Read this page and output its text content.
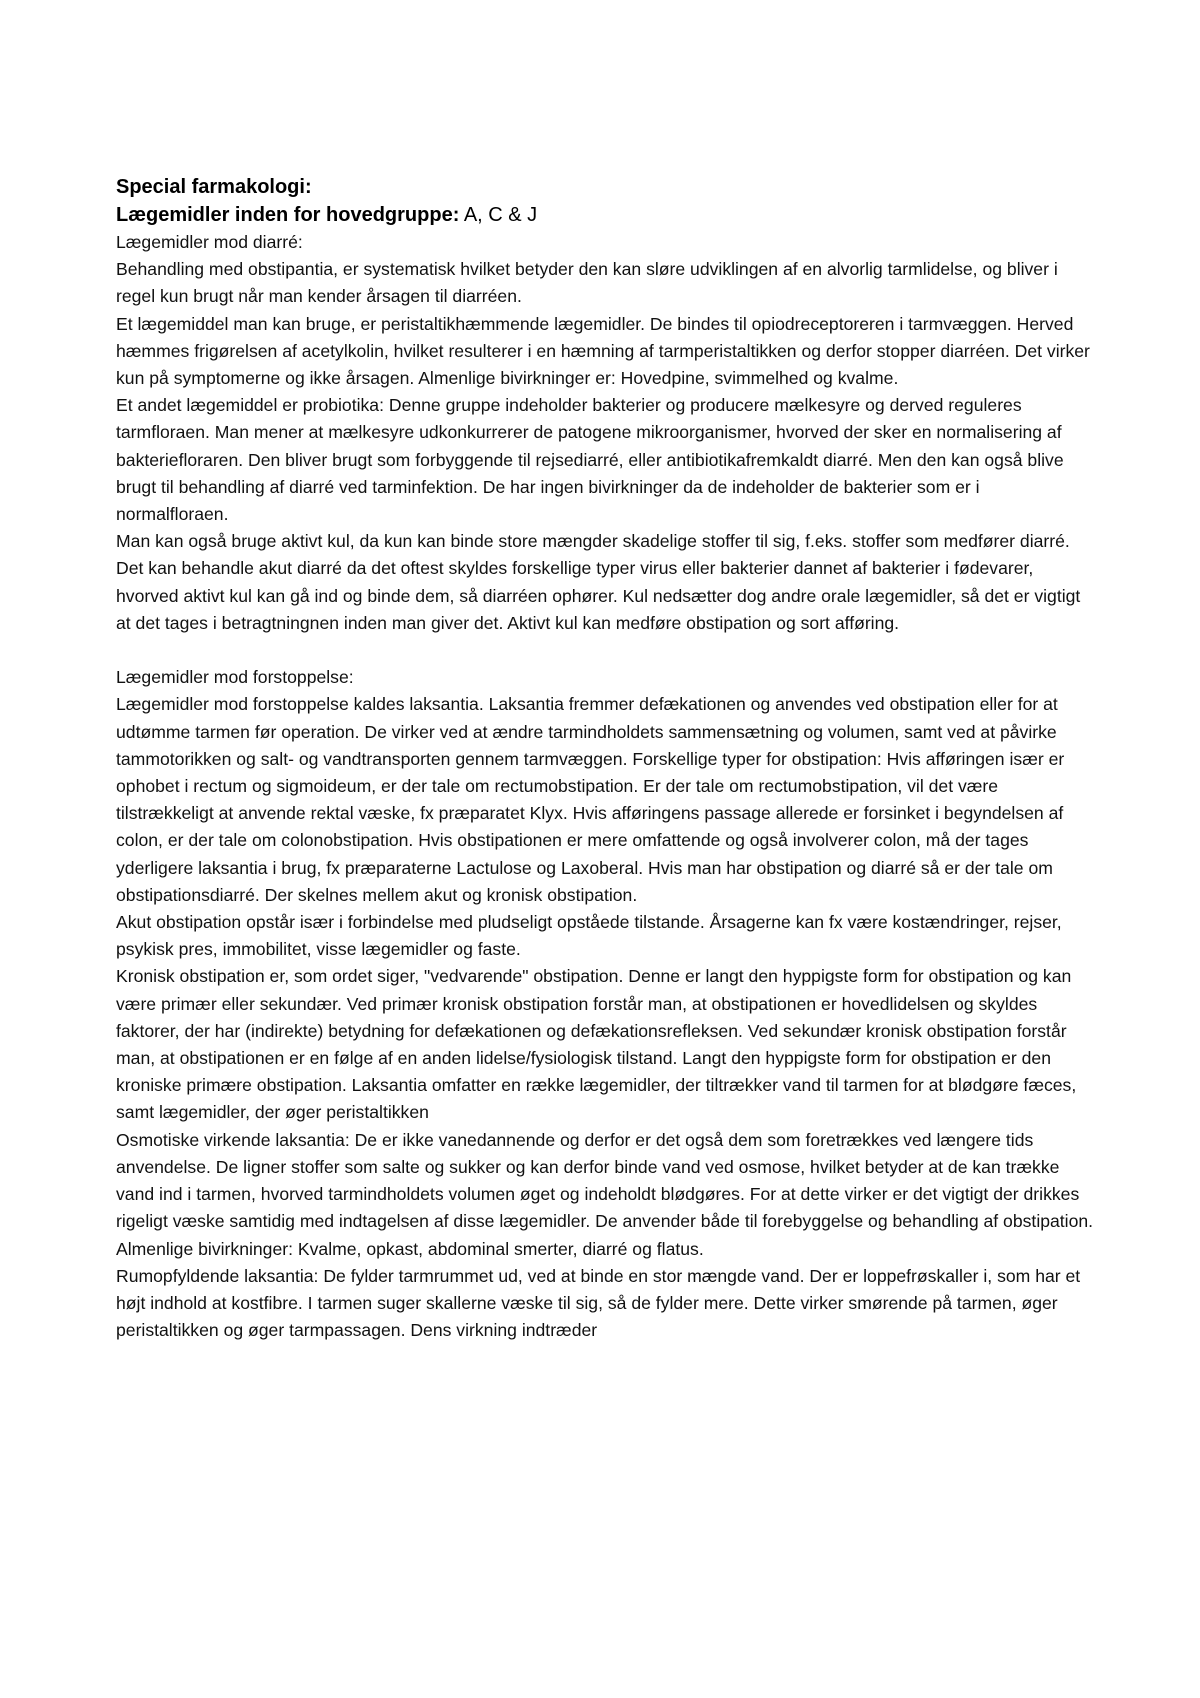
Special farmakologi:

Lægemidler inden for hovedgruppe: A, C & J

Lægemidler mod diarré:

Behandling med obstipantia, er systematisk hvilket betyder den kan sløre udviklingen af en alvorlig tarmlidelse, og bliver i regel kun brugt når man kender årsagen til diarréen.

Et lægemiddel man kan bruge, er peristaltikhæmmende lægemidler. De bindes til opiodreceptoreren i tarmvæggen. Herved hæmmes frigørelsen af acetylkolin, hvilket resulterer i en hæmning af tarmperistaltikken og derfor stopper diarréen. Det virker kun på symptomerne og ikke årsagen. Almenlige bivirkninger er: Hovedpine, svimmelhed og kvalme.

Et andet lægemiddel er probiotika: Denne gruppe indeholder bakterier og producere mælkesyre og derved reguleres tarmfloraen. Man mener at mælkesyre udkonkurrerer de patogene mikroorganismer, hvorved der sker en normalisering af bakteriefloraren. Den bliver brugt som forbyggende til rejsediarré, eller antibiotikafremkaldt diarré. Men den kan også blive brugt til behandling af diarré ved tarminfektion. De har ingen bivirkninger da de indeholder de bakterier som er i normalfloraen.

Man kan også bruge aktivt kul, da kun kan binde store mængder skadelige stoffer til sig, f.eks. stoffer som medfører diarré. Det kan behandle akut diarré da det oftest skyldes forskellige typer virus eller bakterier dannet af bakterier i fødevarer, hvorved aktivt kul kan gå ind og binde dem, så diarréen ophører. Kul nedsætter dog andre orale lægemidler, så det er vigtigt at det tages i betragtningnen inden man giver det. Aktivt kul kan medføre obstipation og sort afføring.

Lægemidler mod forstoppelse:

Lægemidler mod forstoppelse kaldes laksantia. Laksantia fremmer defækationen og anvendes ved obstipation eller for at udtømme tarmen før operation. De virker ved at ændre tarmindholdets sammensætning og volumen, samt ved at påvirke tammotorikken og salt- og vandtransporten gennem tarmvæggen. Forskellige typer for obstipation: Hvis afføringen især er ophobet i rectum og sigmoideum, er der tale om rectumobstipation. Er der tale om rectumobstipation, vil det være tilstrækkeligt at anvende rektal væske, fx præparatet Klyx. Hvis afføringens passage allerede er forsinket i begyndelsen af colon, er der tale om colonobstipation. Hvis obstipationen er mere omfattende og også involverer colon, må der tages yderligere laksantia i brug, fx præparaterne Lactulose og Laxoberal. Hvis man har obstipation og diarré så er der tale om obstipationsdiarré. Der skelnes mellem akut og kronisk obstipation.

Akut obstipation opstår især i forbindelse med pludseligt opståede tilstande. Årsagerne kan fx være kostændringer, rejser, psykisk pres, immobilitet, visse lægemidler og faste.

Kronisk obstipation er, som ordet siger, "vedvarende" obstipation. Denne er langt den hyppigste form for obstipation og kan være primær eller sekundær. Ved primær kronisk obstipation forstår man, at obstipationen er hovedlidelsen og skyldes faktorer, der har (indirekte) betydning for defækationen og defækationsrefleksen. Ved sekundær kronisk obstipation forstår man, at obstipationen er en følge af en anden lidelse/fysiologisk tilstand. Langt den hyppigste form for obstipation er den kroniske primære obstipation. Laksantia omfatter en række lægemidler, der tiltrækker vand til tarmen for at blødgøre fæces, samt lægemidler, der øger peristaltikken

Osmotiske virkende laksantia: De er ikke vanedannende og derfor er det også dem som foretrækkes ved længere tids anvendelse. De ligner stoffer som salte og sukker og kan derfor binde vand ved osmose, hvilket betyder at de kan trække vand ind i tarmen, hvorved tarmindholdets volumen øget og indeholdt blødgøres. For at dette virker er det vigtigt der drikkes rigeligt væske samtidig med indtagelsen af disse lægemidler. De anvender både til forebyggelse og behandling af obstipation. Almenlige bivirkninger: Kvalme, opkast, abdominal smerter, diarré og flatus.

Rumopfyldende laksantia: De fylder tarmrummet ud, ved at binde en stor mængde vand. Der er loppefrøskaller i, som har et højt indhold at kostfibre. I tarmen suger skallerne væske til sig, så de fylder mere. Dette virker smørende på tarmen, øger peristaltikken og øger tarmpassagen. Dens virkning indtræder
